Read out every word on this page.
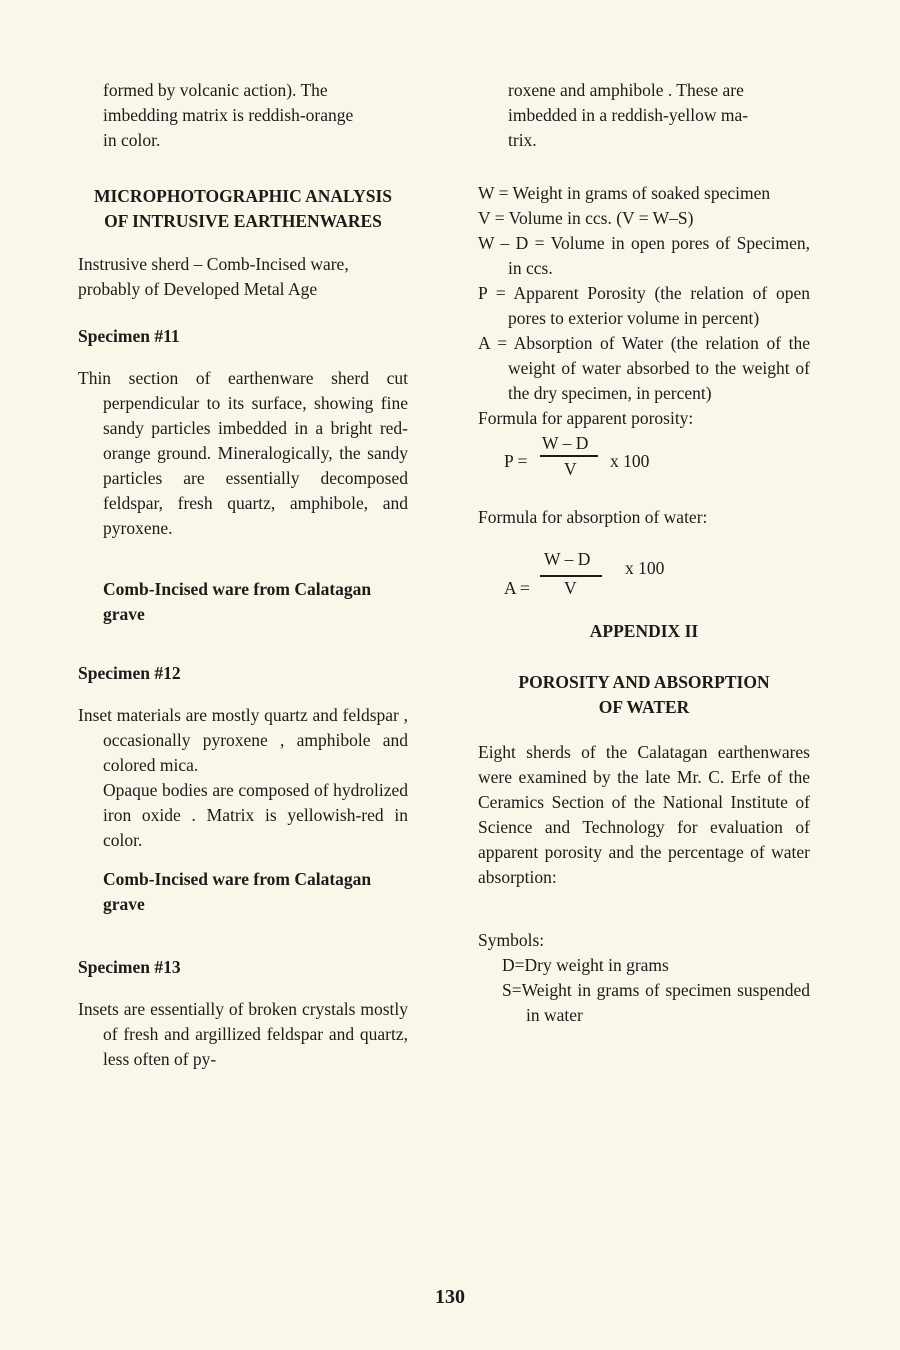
formed by volcanic action). The

imbedding matrix is reddish-orange

in color.

MICROPHOTOGRAPHIC ANALYSIS

OF INTRUSIVE EARTHENWARES

Instrusive sherd – Comb-Incised ware, probably of Developed Metal Age

Specimen #11

Thin section of earthenware sherd cut perpendicular to its surface, showing fine sandy particles imbedded in a bright red-orange ground. Mineralogically, the sandy particles are essentially decomposed feldspar, fresh quartz, amphibole, and pyroxene.

Comb-Incised ware from Calatagan grave

Specimen #12

Inset materials are mostly quartz and feldspar , occasionally pyroxene , amphibole and colored mica.

Opaque bodies are composed of hydrolized iron oxide . Matrix is yellowish-red in color.

Comb-Incised ware from Calatagan grave

Specimen #13

Insets are essentially of broken crystals mostly of fresh and argillized feldspar and quartz, less often of py-

roxene and amphibole . These are

imbedded in a reddish-yellow ma-

trix.

W = Weight in grams of soaked specimen

V = Volume in ccs. (V = W–S)

W – D = Volume in open pores of Specimen, in ccs.

P = Apparent Porosity (the relation of open pores to exterior volume in percent)

A = Absorption of Water (the relation of the weight of water absorbed to the weight of the dry specimen, in percent)

Formula for apparent porosity:

P =
W – D
V x 100

Formula for absorption of water:

A =
W – D
V
x 100

APPENDIX II

POROSITY AND ABSORPTION

OF WATER

Eight sherds of the Calatagan earthenwares were examined by the late Mr. C. Erfe of the Ceramics Section of the National Institute of Science and Technology for evaluation of apparent porosity and the percentage of water absorption:

Symbols:

D=Dry weight in grams

S=Weight in grams of specimen suspended in water

130
